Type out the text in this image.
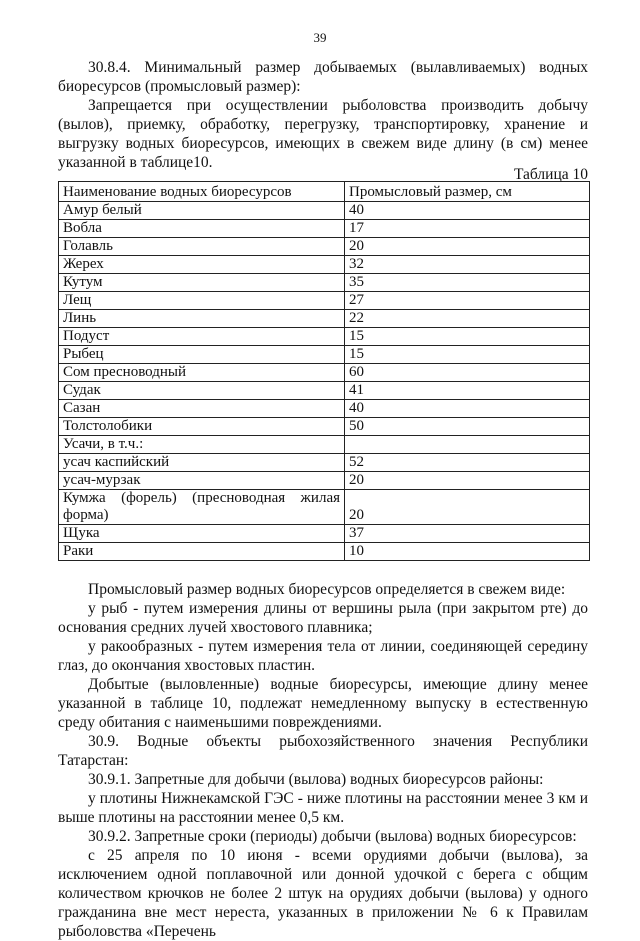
39

30.8.4. Минимальный размер добываемых (вылавливаемых) водных биоресурсов (промысловый размер):

Запрещается при осуществлении рыболовства производить добычу (вылов), приемку, обработку, перегрузку, транспортировку, хранение и выгрузку водных биоресурсов, имеющих в свежем виде длину (в см) менее указанной в таблице10.

Таблица 10
Наименование водных биоресурсов	Промысловый размер, см
Амур белый	40
Вобла	17
Голавль	20
Жерех	32
Кутум	35
Лещ	27
Линь	22
Подуст	15
Рыбец	15
Сом пресноводный	60
Судак	41
Сазан	40
Толстолобики	50
Усачи, в т.ч.:	
усач каспийский	52
усач-мурзак	20
Кумжа (форель) (пресноводная жилая форма)	20
Щука	37
Раки	10

Промысловый размер водных биоресурсов определяется в свежем виде:

у рыб - путем измерения длины от вершины рыла (при закрытом рте) до основания средних лучей хвостового плавника;

у ракообразных - путем измерения тела от линии, соединяющей середину глаз, до окончания хвостовых пластин.

Добытые (выловленные) водные биоресурсы, имеющие длину менее указанной в таблице 10, подлежат немедленному выпуску в естественную среду обитания с наименьшими повреждениями.

30.9. Водные объекты рыбохозяйственного значения Республики Татарстан:

30.9.1. Запретные для добычи (вылова) водных биоресурсов районы:

у плотины Нижнекамской ГЭС - ниже плотины на расстоянии менее 3 км и выше плотины на расстоянии менее 0,5 км.

30.9.2. Запретные сроки (периоды) добычи (вылова) водных биоресурсов:

с 25 апреля по 10 июня - всеми орудиями добычи (вылова), за исключением одной поплавочной или донной удочкой с берега с общим количеством крючков не более 2 штук на орудиях добычи (вылова) у одного гражданина вне мест нереста, указанных в приложении № 6 к Правилам рыболовства «Перечень
